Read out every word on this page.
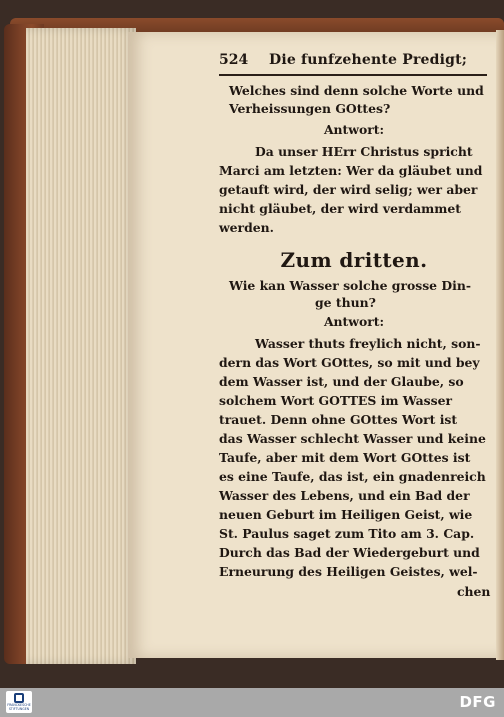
524 Die funfzehente Predigt;
Welches sind denn solche Worte und
Verheissungen GOttes?
Antwort:
Da unser HErr Christus spricht
Marci am letzten: Wer da gläubet und
getauft wird, der wird selig; wer aber
nicht gläubet, der wird verdammet
werden.
Zum dritten.
Wie kan Wasser solche grosse Din-
ge thun?
Antwort:
Wasser thuts freylich nicht, son-
dern das Wort GOttes, so mit und bey
dem Wasser ist, und der Glaube, so
solchem Wort GOTTES im Wasser
trauet. Denn ohne GOttes Wort ist
das Wasser schlecht Wasser und keine
Taufe, aber mit dem Wort GOttes ist
es eine Taufe, das ist, ein gnadenreich
Wasser des Lebens, und ein Bad der
neuen Geburt im Heiligen Geist, wie
St. Paulus saget zum Tito am 3. Cap.
Durch das Bad der Wiedergeburt und
Erneurung des Heiligen Geistes, wel-
chen
FRANCKESCHE STIFTUNGEN	DFG
